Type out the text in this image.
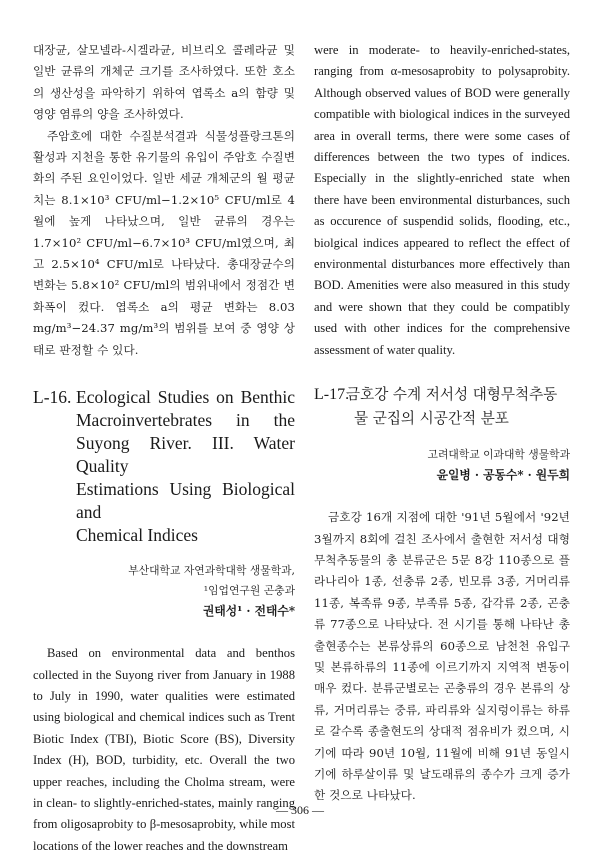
대장균, 살모넬라-시겔라균, 비브리오 콜레라균 및 일반 균류의 개체군 크기를 조사하였다. 또한 호소의 생산성을 파악하기 위하여 엽록소 a의 함량 및 영양 염류의 양을 조사하였다.

주암호에 대한 수질분석결과 식물성플랑크톤의 활성과 지천을 통한 유기물의 유입이 주암호 수질변화의 주된 요인이었다. 일반 세균 개체군의 월 평균치는 8.1×10³ CFU/ml−1.2×10⁵ CFU/ml로 4월에 높게 나타났으며, 일반 균류의 경우는 1.7×10² CFU/ml−6.7×10³ CFU/ml였으며, 최고 2.5×10⁴ CFU/ml로 나타났다. 총대장균수의 변화는 5.8×10² CFU/ml의 범위내에서 정점간 변화폭이 컸다. 엽록소 a의 평균 변화는 8.03 mg/m³−24.37 mg/m³의 범위를 보여 중 영양 상태로 판정할 수 있다.

L-16. Ecological Studies on Benthic
Macroinvertebrates in the
Suyong River. III. Water Quality
Estimations Using Biological and
Chemical Indices
부산대학교 자연과학대학 생물학과,
¹임업연구원 곤충과
권태성¹ · 전태수*

Based on environmental data and benthos collected in the Suyong river from January in 1988 to July in 1990, water qualities were estimated using biological and chemical indices such as Trent Biotic Index (TBI), Biotic Score (BS), Diversity Index (H), BOD, turbidity, etc. Overall the two upper reaches, including the Cholma stream, were in clean- to slightly-enriched-states, mainly ranging from oligosaprobity to β-mesosaprobity, while most locations of the lower reaches and the downstream

were in moderate- to heavily-enriched-states, ranging from α-mesosaprobity to polysaprobity. Although observed values of BOD were generally compatible with biological indices in the surveyed area in overall terms, there were some cases of differences between the two types of indices. Especially in the slightly-enriched state when there have been environmental disturbances, such as occurence of suspendid solids, flooding, etc., biolgical indices appeared to reflect the effect of environmental disturbances more effectively than BOD. Amenities were also measured in this study and were shown that they could be compatibly used with other indices for the comprehensive assessment of water quality.

L-17.
금호강 수계 저서성 대형무척추동
물 군집의 시공간적 분포
고려대학교 이과대학 생물학과
윤일병 · 공동수* · 원두희

금호강 16개 지점에 대한 '91년 5월에서 '92년 3월까지 8회에 걸친 조사에서 출현한 저서성 대형무척추동물의 총 분류군은 5문 8강 110종으로 플라나리아 1종, 선충류 2종, 빈모류 3종, 거머리류 11종, 복족류 9종, 부족류 5종, 갑각류 2종, 곤충류 77종으로 나타났다. 전 시기를 통해 나타난 총출현종수는 본류상류의 60종으로 남천천 유입구 및 본류하류의 11종에 이르기까지 지역적 변동이 매우 컸다. 분류군별로는 곤충류의 경우 본류의 상류, 거머리류는 중류, 파리류와 실지렁이류는 하류로 갈수록 종출현도의 상대적 점유비가 컸으며, 시기에 따라 90년 10월, 11월에 비해 91년 동일시기에 하루살이류 및 날도래류의 종수가 크게 증가한 것으로 나타났다.

— 306 —
